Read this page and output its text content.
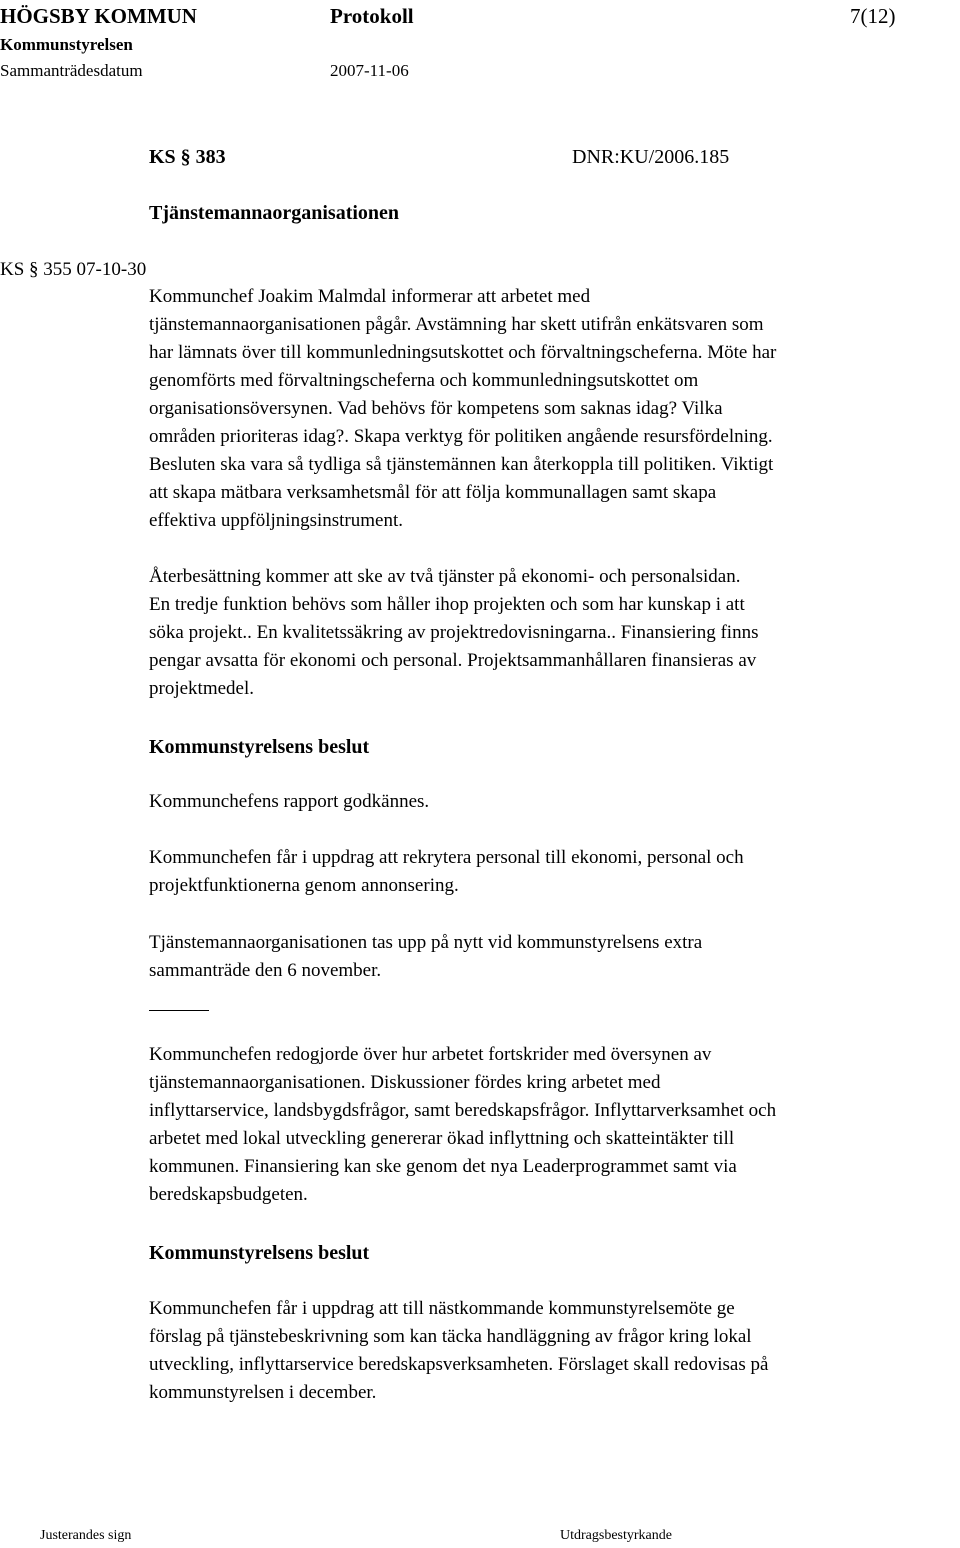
HÖGSBY KOMMUN	Protokoll	7(12)
Kommunstyrelsen
Sammanträdesdatum	2007-11-06
KS § 383	DNR:KU/2006.185
Tjänstemannaorganisationen
KS § 355 07-10-30
Kommunchef Joakim Malmdal informerar att arbetet med
tjänstemannaorganisationen pågår. Avstämning har skett utifrån enkätsvaren som
har lämnats över till kommunledningsutskottet och förvaltningscheferna. Möte har
genomförts med förvaltningscheferna och kommunledningsutskottet om
organisationsöversynen. Vad behövs för kompetens som saknas idag? Vilka
områden prioriteras idag?. Skapa verktyg för politiken angående resursfördelning.
Besluten ska vara så tydliga så tjänstemännen kan återkoppla till politiken. Viktigt
att skapa mätbara verksamhetsmål för att följa kommunallagen samt skapa
effektiva uppföljningsinstrument.
Återbesättning kommer att ske av två tjänster på ekonomi- och personalsidan.
En tredje funktion behövs som håller ihop projekten och som har kunskap i att
söka projekt.. En kvalitetssäkring av projektredovisningarna.. Finansiering finns
pengar avsatta för ekonomi och personal. Projektsammanhållaren finansieras av
projektmedel.
Kommunstyrelsens beslut
Kommunchefens rapport godkännes.
Kommunchefen får i uppdrag att rekrytera personal till ekonomi, personal och
projektfunktionerna genom annonsering.
Tjänstemannaorganisationen tas upp på nytt vid kommunstyrelsens extra
sammanträde den 6 november.
Kommunchefen redogjorde över hur arbetet fortskrider med översynen av
tjänstemannaorganisationen. Diskussioner fördes kring arbetet med
inflyttarservice, landsbygdsfrågor, samt beredskapsfrågor. Inflyttarverksamhet och
arbetet med lokal utveckling genererar ökad inflyttning och skatteintäkter till
kommunen. Finansiering kan ske genom det nya Leaderprogrammet samt via
beredskapsbudgeten.
Kommunstyrelsens beslut
Kommunchefen får i uppdrag att till nästkommande kommunstyrelsemöte ge
förslag på tjänstebeskrivning som kan täcka handläggning av frågor kring lokal
utveckling, inflyttarservice beredskapsverksamheten. Förslaget skall redovisas på
kommunstyrelsen i december.
Justerandes sign	Utdragsbestyrkande
